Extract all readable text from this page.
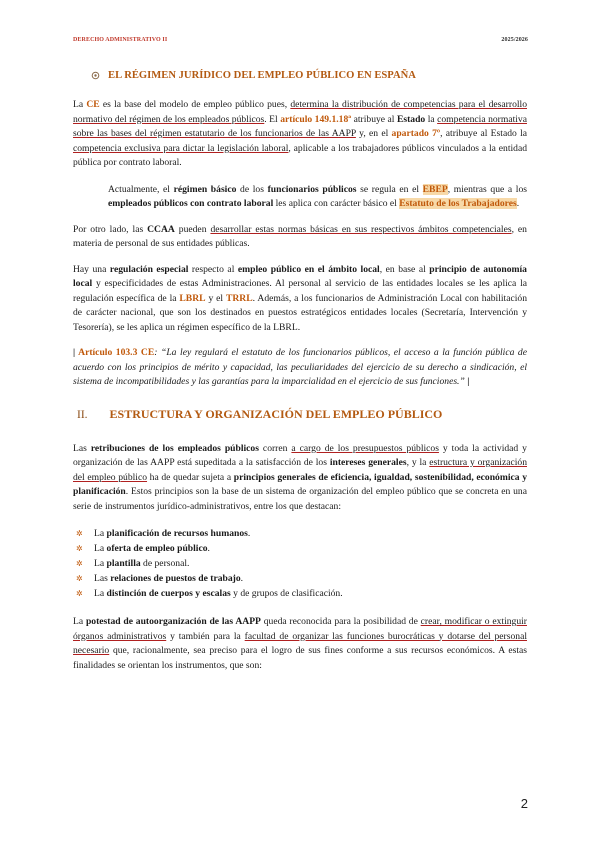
DERECHO ADMINISTRATIVO II	2025/2026
EL RÉGIMEN JURÍDICO DEL EMPLEO PÚBLICO EN ESPAÑA

La CE es la base del modelo de empleo público pues, determina la distribución de competencias para el desarrollo normativo del régimen de los empleados públicos. El artículo 149.1.18ª atribuye al Estado la competencia normativa sobre las bases del régimen estatutario de los funcionarios de las AAPP y, en el apartado 7º, atribuye al Estado la competencia exclusiva para dictar la legislación laboral, aplicable a los trabajadores públicos vinculados a la entidad pública por contrato laboral.

Actualmente, el régimen básico de los funcionarios públicos se regula en el EBEP, mientras que a los empleados públicos con contrato laboral les aplica con carácter básico el Estatuto de los Trabajadores.

Por otro lado, las CCAA pueden desarrollar estas normas básicas en sus respectivos ámbitos competenciales, en materia de personal de sus entidades públicas.

Hay una regulación especial respecto al empleo público en el ámbito local, en base al principio de autonomía local y especificidades de estas Administraciones. Al personal al servicio de las entidades locales se les aplica la regulación específica de la LBRL y el TRRL. Además, a los funcionarios de Administración Local con habilitación de carácter nacional, que son los destinados en puestos estratégicos entidades locales (Secretaría, Intervención y Tesorería), se les aplica un régimen específico de la LBRL.

| Artículo 103.3 CE: “La ley regulará el estatuto de los funcionarios públicos, el acceso a la función pública de acuerdo con los principios de mérito y capacidad, las peculiaridades del ejercicio de su derecho a sindicación, el sistema de incompatibilidades y las garantías para la imparcialidad en el ejercicio de sus funciones.” |

II. ESTRUCTURA Y ORGANIZACIÓN DEL EMPLEO PÚBLICO

Las retribuciones de los empleados públicos corren a cargo de los presupuestos públicos y toda la actividad y organización de las AAPP está supeditada a la satisfacción de los intereses generales, y la estructura y organización del empleo público ha de quedar sujeta a principios generales de eficiencia, igualdad, sostenibilidad, económica y planificación. Estos principios son la base de un sistema de organización del empleo público que se concreta en una serie de instrumentos jurídico-administrativos, entre los que destacan:

✲	La planificación de recursos humanos.
✲	La oferta de empleo público.
✲	La plantilla de personal.
✲	Las relaciones de puestos de trabajo.
✲	La distinción de cuerpos y escalas y de grupos de clasificación.

La potestad de autoorganización de las AAPP queda reconocida para la posibilidad de crear, modificar o extinguir órganos administrativos y también para la facultad de organizar las funciones burocráticas y dotarse del personal necesario que, racionalmente, sea preciso para el logro de sus fines conforme a sus recursos económicos. A estas finalidades se orientan los instrumentos, que son:

2
